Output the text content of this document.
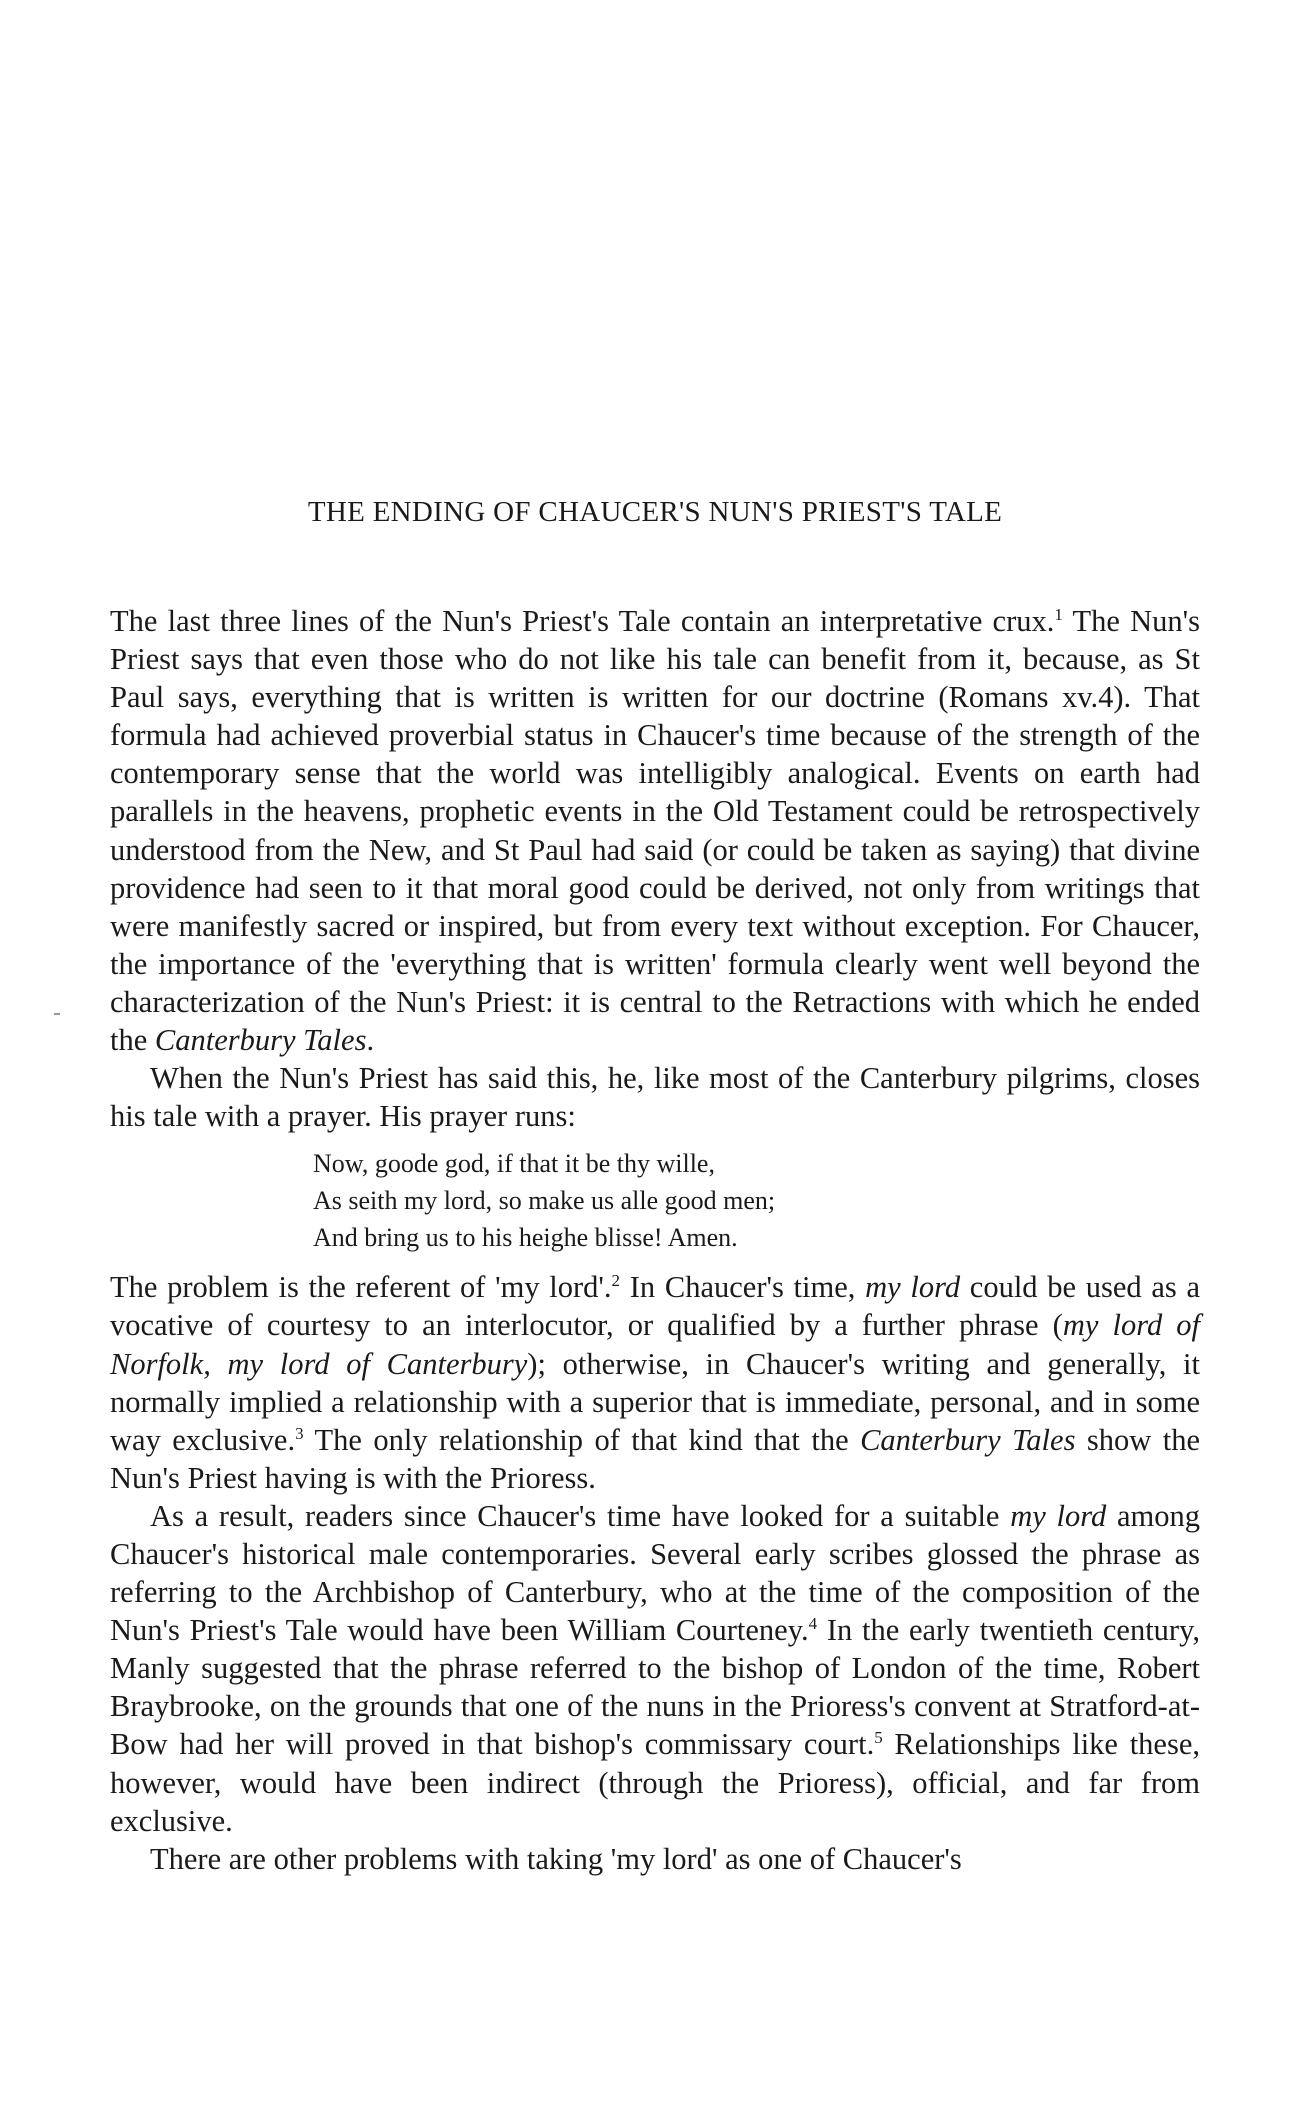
THE ENDING OF CHAUCER'S NUN'S PRIEST'S TALE

The last three lines of the Nun's Priest's Tale contain an interpretative crux.$^1$ The Nun's Priest says that even those who do not like his tale can benefit from it, because, as St Paul says, everything that is written is written for our doctrine (Romans xv.4). That formula had achieved proverbial status in Chaucer's time because of the strength of the contemporary sense that the world was intelligibly analogical. Events on earth had parallels in the heavens, prophetic events in the Old Testament could be retrospectively understood from the New, and St Paul had said (or could be taken as saying) that divine providence had seen to it that moral good could be derived, not only from writings that were manifestly sacred or inspired, but from every text without exception. For Chaucer, the importance of the 'everything that is written' formula clearly went well beyond the characterization of the Nun's Priest: it is central to the Retractions with which he ended the Canterbury Tales.

When the Nun's Priest has said this, he, like most of the Canterbury pilgrims, closes his tale with a prayer. His prayer runs:

Now, goode god, if that it be thy wille,
As seith my lord, so make us alle good men;
And bring us to his heighe blisse! Amen.

The problem is the referent of 'my lord'.$^2$ In Chaucer's time, my lord could be used as a vocative of courtesy to an interlocutor, or qualified by a further phrase (my lord of Norfolk, my lord of Canterbury); otherwise, in Chaucer's writing and generally, it normally implied a relationship with a superior that is immediate, personal, and in some way exclusive.$^3$ The only relationship of that kind that the Canterbury Tales show the Nun's Priest having is with the Prioress.

As a result, readers since Chaucer's time have looked for a suitable my lord among Chaucer's historical male contemporaries. Several early scribes glossed the phrase as referring to the Archbishop of Canterbury, who at the time of the composition of the Nun's Priest's Tale would have been William Courteney.$^4$ In the early twentieth century, Manly suggested that the phrase referred to the bishop of London of the time, Robert Braybrooke, on the grounds that one of the nuns in the Prioress's convent at Stratford-at-Bow had her will proved in that bishop's commissary court.$^5$ Relationships like these, however, would have been indirect (through the Prioress), official, and far from exclusive.

There are other problems with taking 'my lord' as one of Chaucer's
